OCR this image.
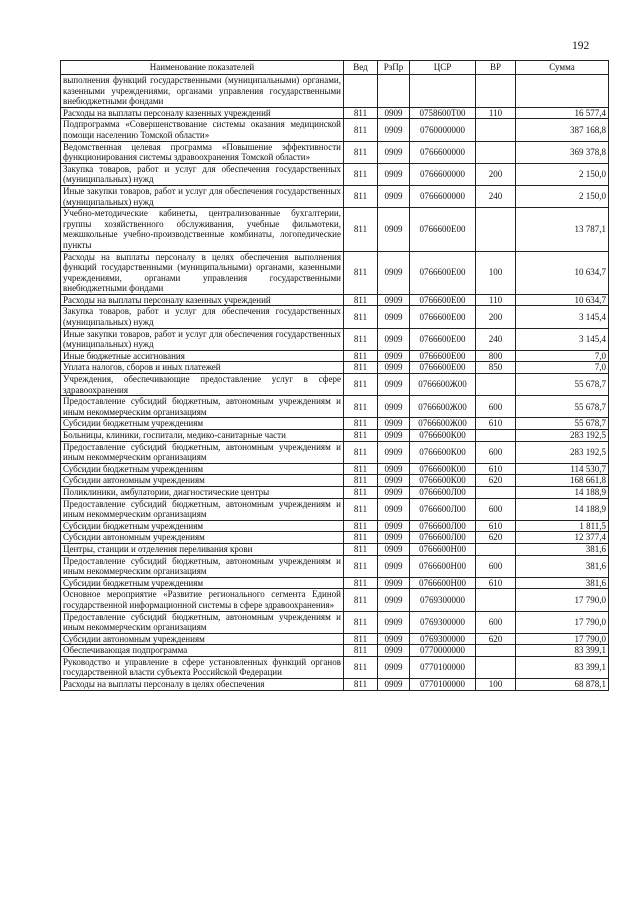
192
Наименование показателей	Вед	РзПр	ЦСР	ВР	Сумма
выполнения функций государственными (муниципальными) органами, казенными учреждениями, органами управления государственными внебюджетными фондами					
Расходы на выплаты персоналу казенных учреждений	811	0909	0758600Т00	110	16 577,4
Подпрограмма «Совершенствование системы оказания медицинской помощи населению Томской области»	811	0909	0760000000		387 168,8
Ведомственная целевая программа «Повышение эффективности функционирования системы здравоохранения Томской области»	811	0909	0766600000		369 378,8
Закупка товаров, работ и услуг для обеспечения государственных (муниципальных) нужд	811	0909	0766600000	200	2 150,0
Иные закупки товаров, работ и услуг для обеспечения государственных (муниципальных) нужд	811	0909	0766600000	240	2 150,0
Учебно-методические кабинеты, централизованные бухгалтерии, группы хозяйственного обслуживания, учебные фильмотеки, межшкольные учебно-производственные комбинаты, логопедические пункты	811	0909	0766600Е00		13 787,1
Расходы на выплаты персоналу в целях обеспечения выполнения функций государственными (муниципальными) органами, казенными учреждениями, органами управления государственными внебюджетными фондами	811	0909	0766600Е00	100	10 634,7
Расходы на выплаты персоналу казенных учреждений	811	0909	0766600Е00	110	10 634,7
Закупка товаров, работ и услуг для обеспечения государственных (муниципальных) нужд	811	0909	0766600Е00	200	3 145,4
Иные закупки товаров, работ и услуг для обеспечения государственных (муниципальных) нужд	811	0909	0766600Е00	240	3 145,4
Иные бюджетные ассигнования	811	0909	0766600Е00	800	7,0
Уплата налогов, сборов и иных платежей	811	0909	0766600Е00	850	7,0
Учреждения, обеспечивающие предоставление услуг в сфере здравоохранения	811	0909	0766600Ж00		55 678,7
Предоставление субсидий бюджетным, автономным учреждениям и иным некоммерческим организациям	811	0909	0766600Ж00	600	55 678,7
Субсидии бюджетным учреждениям	811	0909	0766600Ж00	610	55 678,7
Больницы, клиники, госпитали, медико-санитарные части	811	0909	0766600К00		283 192,5
Предоставление субсидий бюджетным, автономным учреждениям и иным некоммерческим организациям	811	0909	0766600К00	600	283 192,5
Субсидии бюджетным учреждениям	811	0909	0766600К00	610	114 530,7
Субсидии автономным учреждениям	811	0909	0766600К00	620	168 661,8
Поликлиники, амбулатории, диагностические центры	811	0909	0766600Л00		14 188,9
Предоставление субсидий бюджетным, автономным учреждениям и иным некоммерческим организациям	811	0909	0766600Л00	600	14 188,9
Субсидии бюджетным учреждениям	811	0909	0766600Л00	610	1 811,5
Субсидии автономным учреждениям	811	0909	0766600Л00	620	12 377,4
Центры, станции и отделения переливания крови	811	0909	0766600Н00		381,6
Предоставление субсидий бюджетным, автономным учреждениям и иным некоммерческим организациям	811	0909	0766600Н00	600	381,6
Субсидии бюджетным учреждениям	811	0909	0766600Н00	610	381,6
Основное мероприятие «Развитие регионального сегмента Единой государственной информационной системы в сфере здравоохранения»	811	0909	0769300000		17 790,0
Предоставление субсидий бюджетным, автономным учреждениям и иным некоммерческим организациям	811	0909	0769300000	600	17 790,0
Субсидии автономным учреждениям	811	0909	0769300000	620	17 790,0
Обеспечивающая подпрограмма	811	0909	0770000000		83 399,1
Руководство и управление в сфере установленных функций органов государственной власти субъекта Российской Федерации	811	0909	0770100000		83 399,1
Расходы на выплаты персоналу в целях обеспечения	811	0909	0770100000	100	68 878,1
